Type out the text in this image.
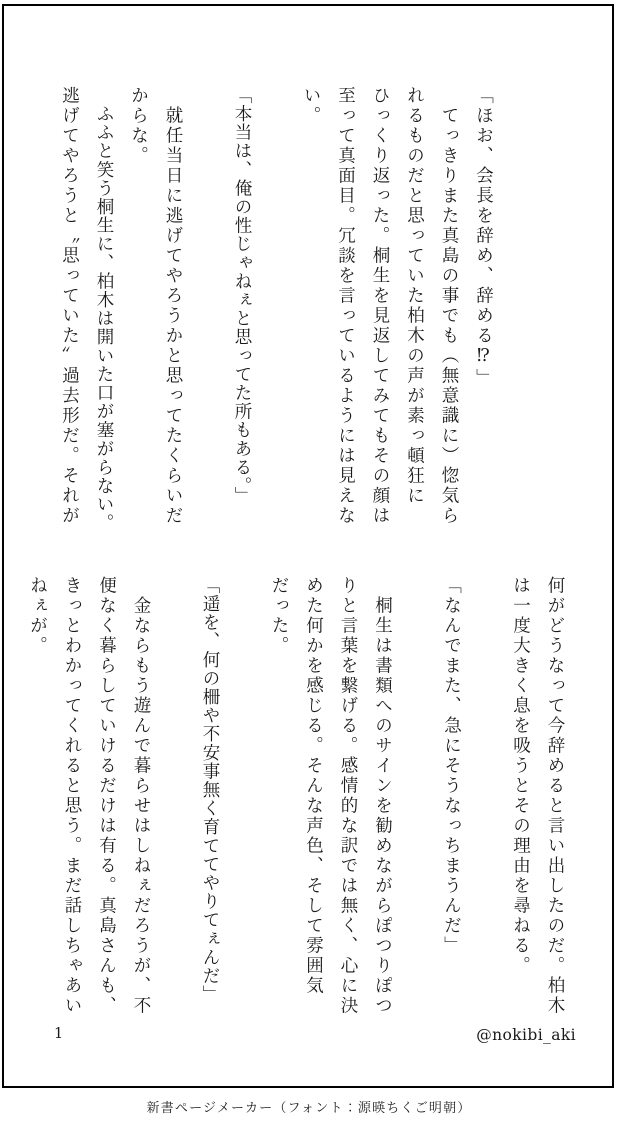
「ほお、会長を辞め、辞める⁉」

　てっきりまた真島の事でも（無意識に）惚気ら

れるものだと思っていた柏木の声が素っ頓狂に

ひっくり返った。桐生を見返してみてもその顔は

至って真面目。冗談を言っているようには見えな

い。

「本当は、俺の性じゃねぇと思ってた所もある。」

　就任当日に逃げてやろうかと思ってたくらいだ

からな。

　ふふと笑う桐生に、柏木は開いた口が塞がらない。

逃げてやろうと〝思っていた〟過去形だ。それが

何がどうなって今辞めると言い出したのだ。柏木

は一度大きく息を吸うとその理由を尋ねる。

「なんでまた、急にそうなっちまうんだ」

　桐生は書類へのサインを勧めながらぽつりぽつ

りと言葉を繋げる。感情的な訳では無く、心に決

めた何かを感じる。そんな声色、そして雰囲気

だった。

「遥を、何の柵や不安事無く育ててやりてぇんだ」

　金ならもう遊んで暮らせはしねぇだろうが、不

便なく暮らしていけるだけは有る。真島さんも、

きっとわかってくれると思う。まだ話しちゃあい

ねぇが。

1	@nokibi_aki
新書ページメーカー（フォント：源暎ちくご明朝）
